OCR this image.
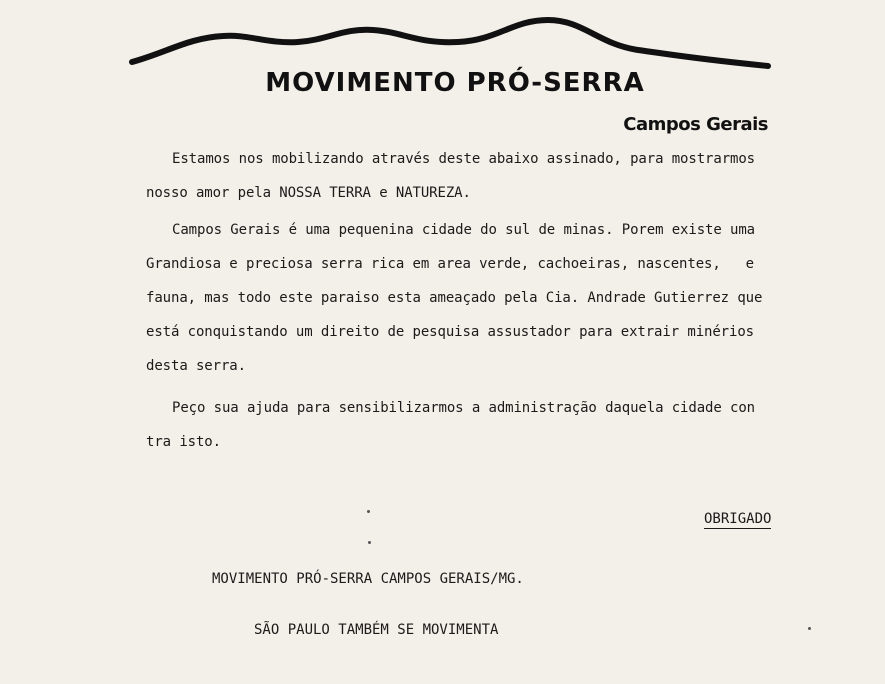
MOVIMENTO PRÓ-SERRA
Campos Gerais
Estamos nos mobilizando através deste abaixo assinado, para mostrarmos
nosso amor pela NOSSA TERRA e NATUREZA.
Campos Gerais é uma pequenina cidade do sul de minas. Porem existe uma
Grandiosa e preciosa serra rica em area verde, cachoeiras, nascentes,   e
fauna, mas todo este paraiso esta ameaçado pela Cia. Andrade Gutierrez que
está conquistando um direito de pesquisa assustador para extrair minérios
desta serra.
Peço sua ajuda para sensibilizarmos a administração daquela cidade con
tra isto.
OBRIGADO
MOVIMENTO PRÓ-SERRA CAMPOS GERAIS/MG.
SÃO PAULO TAMBÉM SE MOVIMENTA
